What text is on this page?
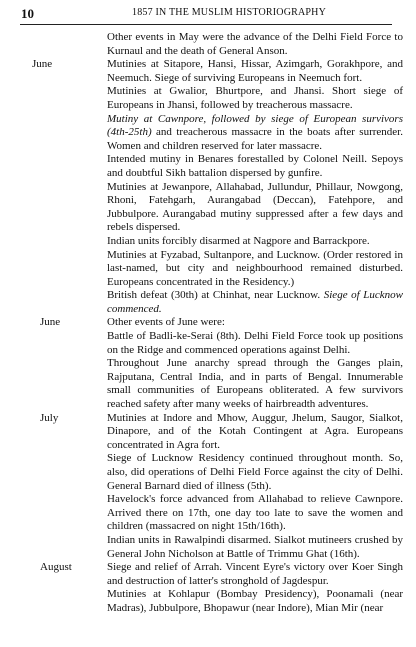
10	1857 IN THE MUSLIM HISTORIOGRAPHY
Other events in May were the advance of the Delhi Field Force to Kurnaul and the death of General Anson.
June	Mutinies at Sitapore, Hansi, Hissar, Azimgarh, Gorakhpore, and Neemuch. Siege of surviving Europeans in Neemuch fort.
Mutinies at Gwalior, Bhurtpore, and Jhansi. Short siege of Europeans in Jhansi, followed by treacherous massacre.
Mutiny at Cawnpore, followed by siege of European survivors (4th-25th) and treacherous massacre in the boats after surrender. Women and children reserved for later massacre.
Intended mutiny in Benares forestalled by Colonel Neill. Sepoys and doubtful Sikh battalion dispersed by gunfire.
Mutinies at Jewanpore, Allahabad, Jullundur, Phillaur, Nowgong, Rhoni, Fatehgarh, Aurangabad (Deccan), Fatehpore, and Jubbulpore. Aurangabad mutiny suppressed after a few days and rebels dispersed.
Indian units forcibly disarmed at Nagpore and Barrackpore.
Mutinies at Fyzabad, Sultanpore, and Lucknow. (Order restored in last-named, but city and neighbourhood remained disturbed. Europeans concentrated in the Residency.)
British defeat (30th) at Chinhat, near Lucknow. Siege of Lucknow commenced.
June	Other events of June were:
Battle of Badli-ke-Serai (8th). Delhi Field Force took up positions on the Ridge and commenced operations against Delhi.
Throughout June anarchy spread through the Ganges plain, Rajputana, Central India, and in parts of Bengal. Innumerable small communities of Europeans obliterated. A few survivors reached safety after many weeks of hairbreadth adventures.
July	Mutinies at Indore and Mhow, Auggur, Jhelum, Saugor, Sialkot, Dinapore, and of the Kotah Contingent at Agra. Europeans concentrated in Agra fort.
Siege of Lucknow Residency continued throughout month. So, also, did operations of Delhi Field Force against the city of Delhi. General Barnard died of illness (5th).
Havelock's force advanced from Allahabad to relieve Cawnpore. Arrived there on 17th, one day too late to save the women and children (massacred on night 15th/16th).
Indian units in Rawalpindi disarmed. Sialkot mutineers crushed by General John Nicholson at Battle of Trimmu Ghat (16th).
August	Siege and relief of Arrah. Vincent Eyre's victory over Koer Singh and destruction of latter's stronghold of Jagdespur.
Mutinies at Kohlapur (Bombay Presidency), Poonamali (near Madras), Jubbulpore, Bhopawur (near Indore), Mian Mir (near
